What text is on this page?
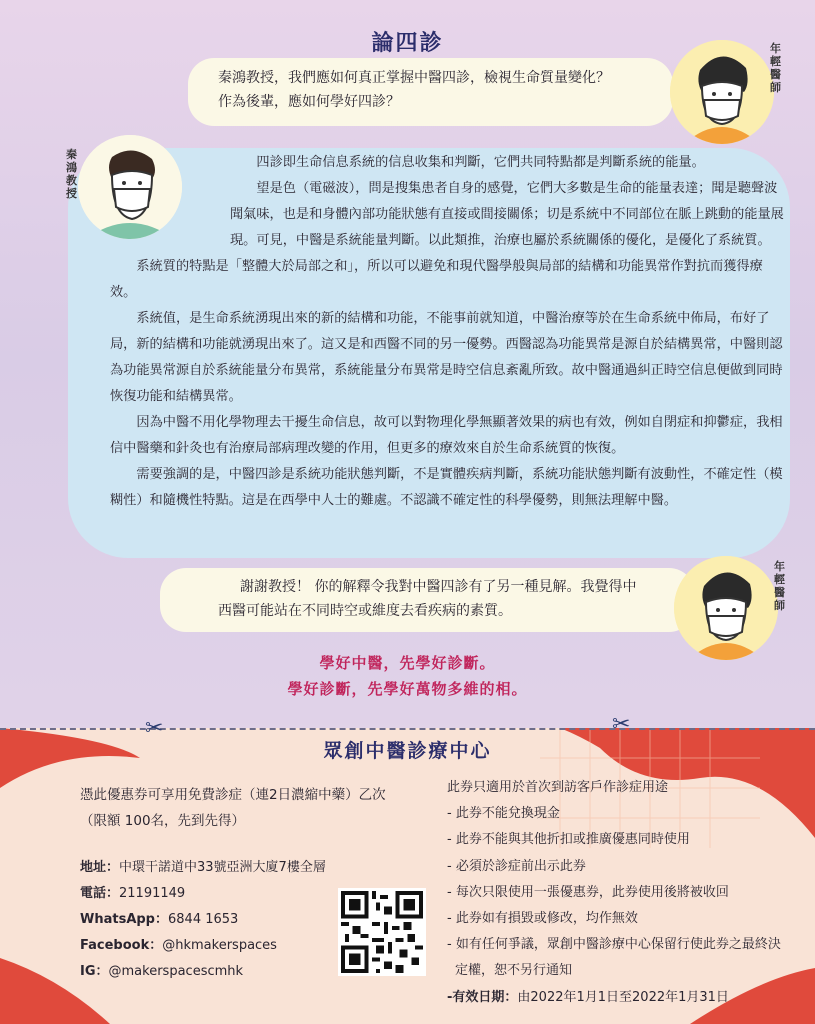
論四診

秦鴻教授，我們應如何真正掌握中醫四診，檢視生命質量變化？

作為後輩，應如何學好四診？

年輕醫師
秦鴻教授

四診即生命信息系統的信息收集和判斷，它們共同特點都是判斷系統的能量。

望是色（電磁波），問是搜集患者自身的感覺，它們大多數是生命的能量表達；聞是聽聲波聞氣味，也是和身體內部功能狀態有直接或間接關係；切是系統中不同部位在脈上跳動的能量展現。可見，中醫是系統能量判斷。以此類推，治療也屬於系統關係的優化，是優化了系統質。

系統質的特點是「整體大於局部之和」，所以可以避免和現代醫學般與局部的結構和功能異常作對抗而獲得療效。

系統值，是生命系統湧現出來的新的結構和功能，不能事前就知道，中醫治療等於在生命系統中佈局，布好了局，新的結構和功能就湧現出來了。這又是和西醫不同的另一優勢。西醫認為功能異常是源自於結構異常，中醫則認為功能異常源自於系統能量分布異常，系統能量分布異常是時空信息紊亂所致。故中醫通過糾正時空信息便做到同時恢復功能和結構異常。

因為中醫不用化學物理去干擾生命信息，故可以對物理化學無顯著效果的病也有效，例如自閉症和抑鬱症，我相信中醫藥和針灸也有治療局部病理改變的作用，但更多的療效來自於生命系統質的恢復。

需要強調的是，中醫四診是系統功能狀態判斷，不是實體疾病判斷，系統功能狀態判斷有波動性，不確定性（模糊性）和隨機性特點。這是在西學中人士的難處。不認識不確定性的科學優勢，則無法理解中醫。

謝謝教授！ 你的解釋令我對中醫四診有了另一種見解。我覺得中

西醫可能站在不同時空或維度去看疾病的素質。

年輕醫師
學好中醫，先學好診斷。
學好診斷，先學好萬物多維的相。
✂	✂
眾創中醫診療中心
憑此優惠券可享用免費診症（連2日濃縮中藥）乙次
（限額 100名，先到先得）
地址：中環干諾道中33號亞洲大廈7樓全層
電話：21191149
WhatsApp：6844 1653
Facebook：@hkmakerspaces
IG：@makerspacescmhk
此券只適用於首次到訪客戶作診症用途
- 此券不能兌換現金
- 此券不能與其他折扣或推廣優惠同時使用
- 必須於診症前出示此券
- 每次只限使用一張優惠券，此券使用後將被收回
- 此券如有損毀或修改，均作無效
- 如有任何爭議，眾創中醫診療中心保留行使此券之最終決
定權，恕不另行通知
-有效日期：由2022年1月1日至2022年1月31日
